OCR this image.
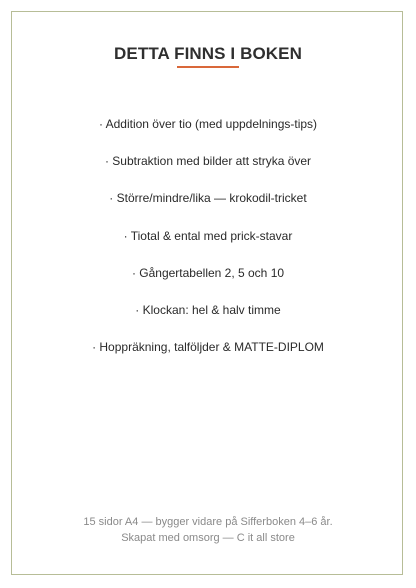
DETTA FINNS I BOKEN
· Addition över tio (med uppdelnings-tips)
· Subtraktion med bilder att stryka över
· Större/mindre/lika — krokodil-tricket
· Tiotal & ental med prick-stavar
· Gångertabellen 2, 5 och 10
· Klockan: hel & halv timme
· Hoppräkning, talföljder & MATTE-DIPLOM
15 sidor A4 — bygger vidare på Sifferboken 4–6 år.
Skapat med omsorg — C it all store
